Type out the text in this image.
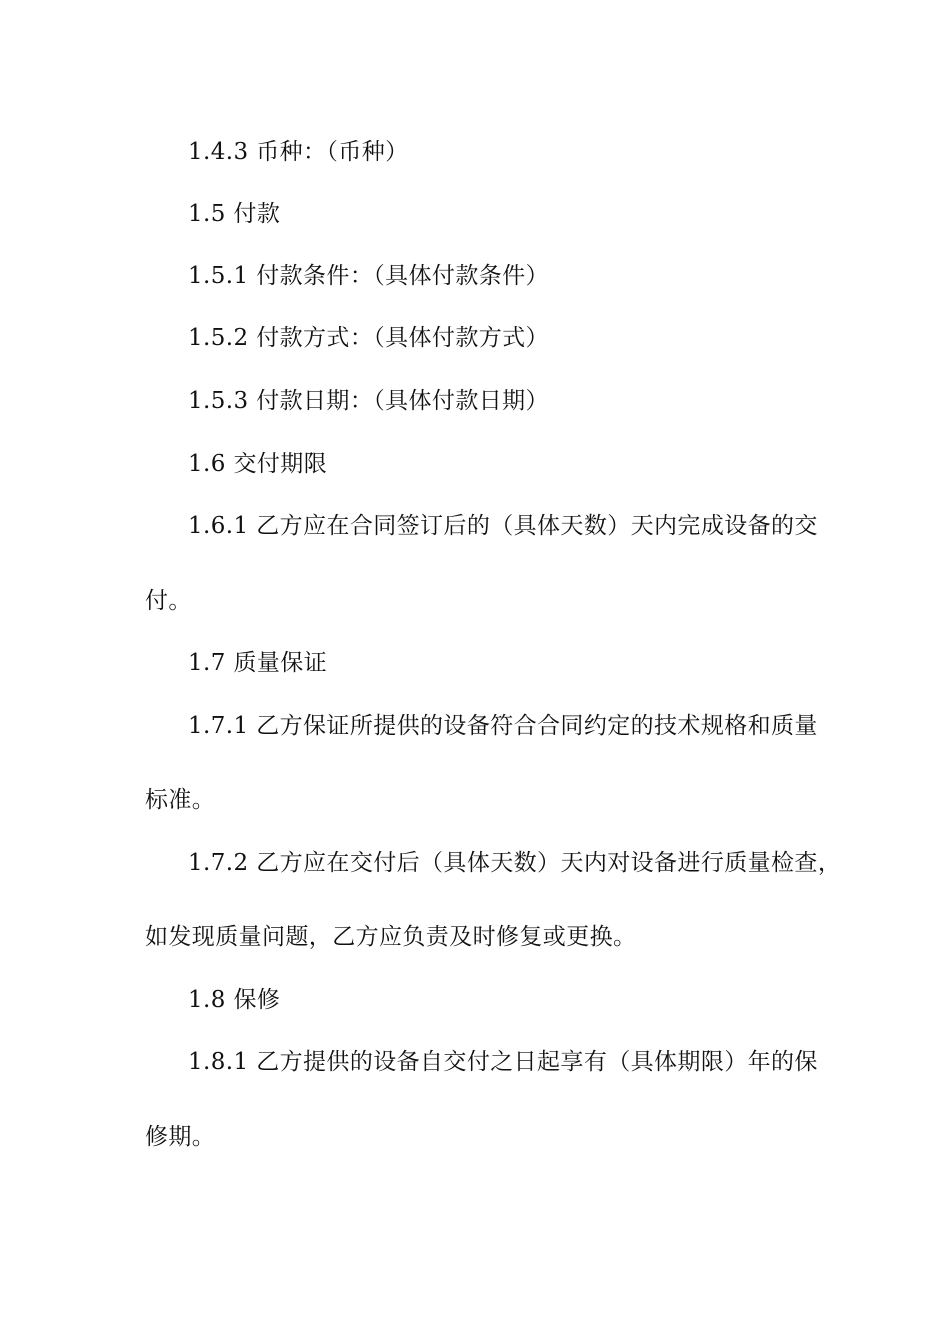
1.4.3 币种：（币种）

1.5 付款

1.5.1 付款条件：（具体付款条件）

1.5.2 付款方式：（具体付款方式）

1.5.3 付款日期：（具体付款日期）

1.6 交付期限

1.6.1 乙方应在合同签订后的（具体天数）天内完成设备的交

付。

1.7 质量保证

1.7.1 乙方保证所提供的设备符合合同约定的技术规格和质量

标准。

1.7.2 乙方应在交付后（具体天数）天内对设备进行质量检查，

如发现质量问题，乙方应负责及时修复或更换。

1.8 保修

1.8.1 乙方提供的设备自交付之日起享有（具体期限）年的保

修期。
